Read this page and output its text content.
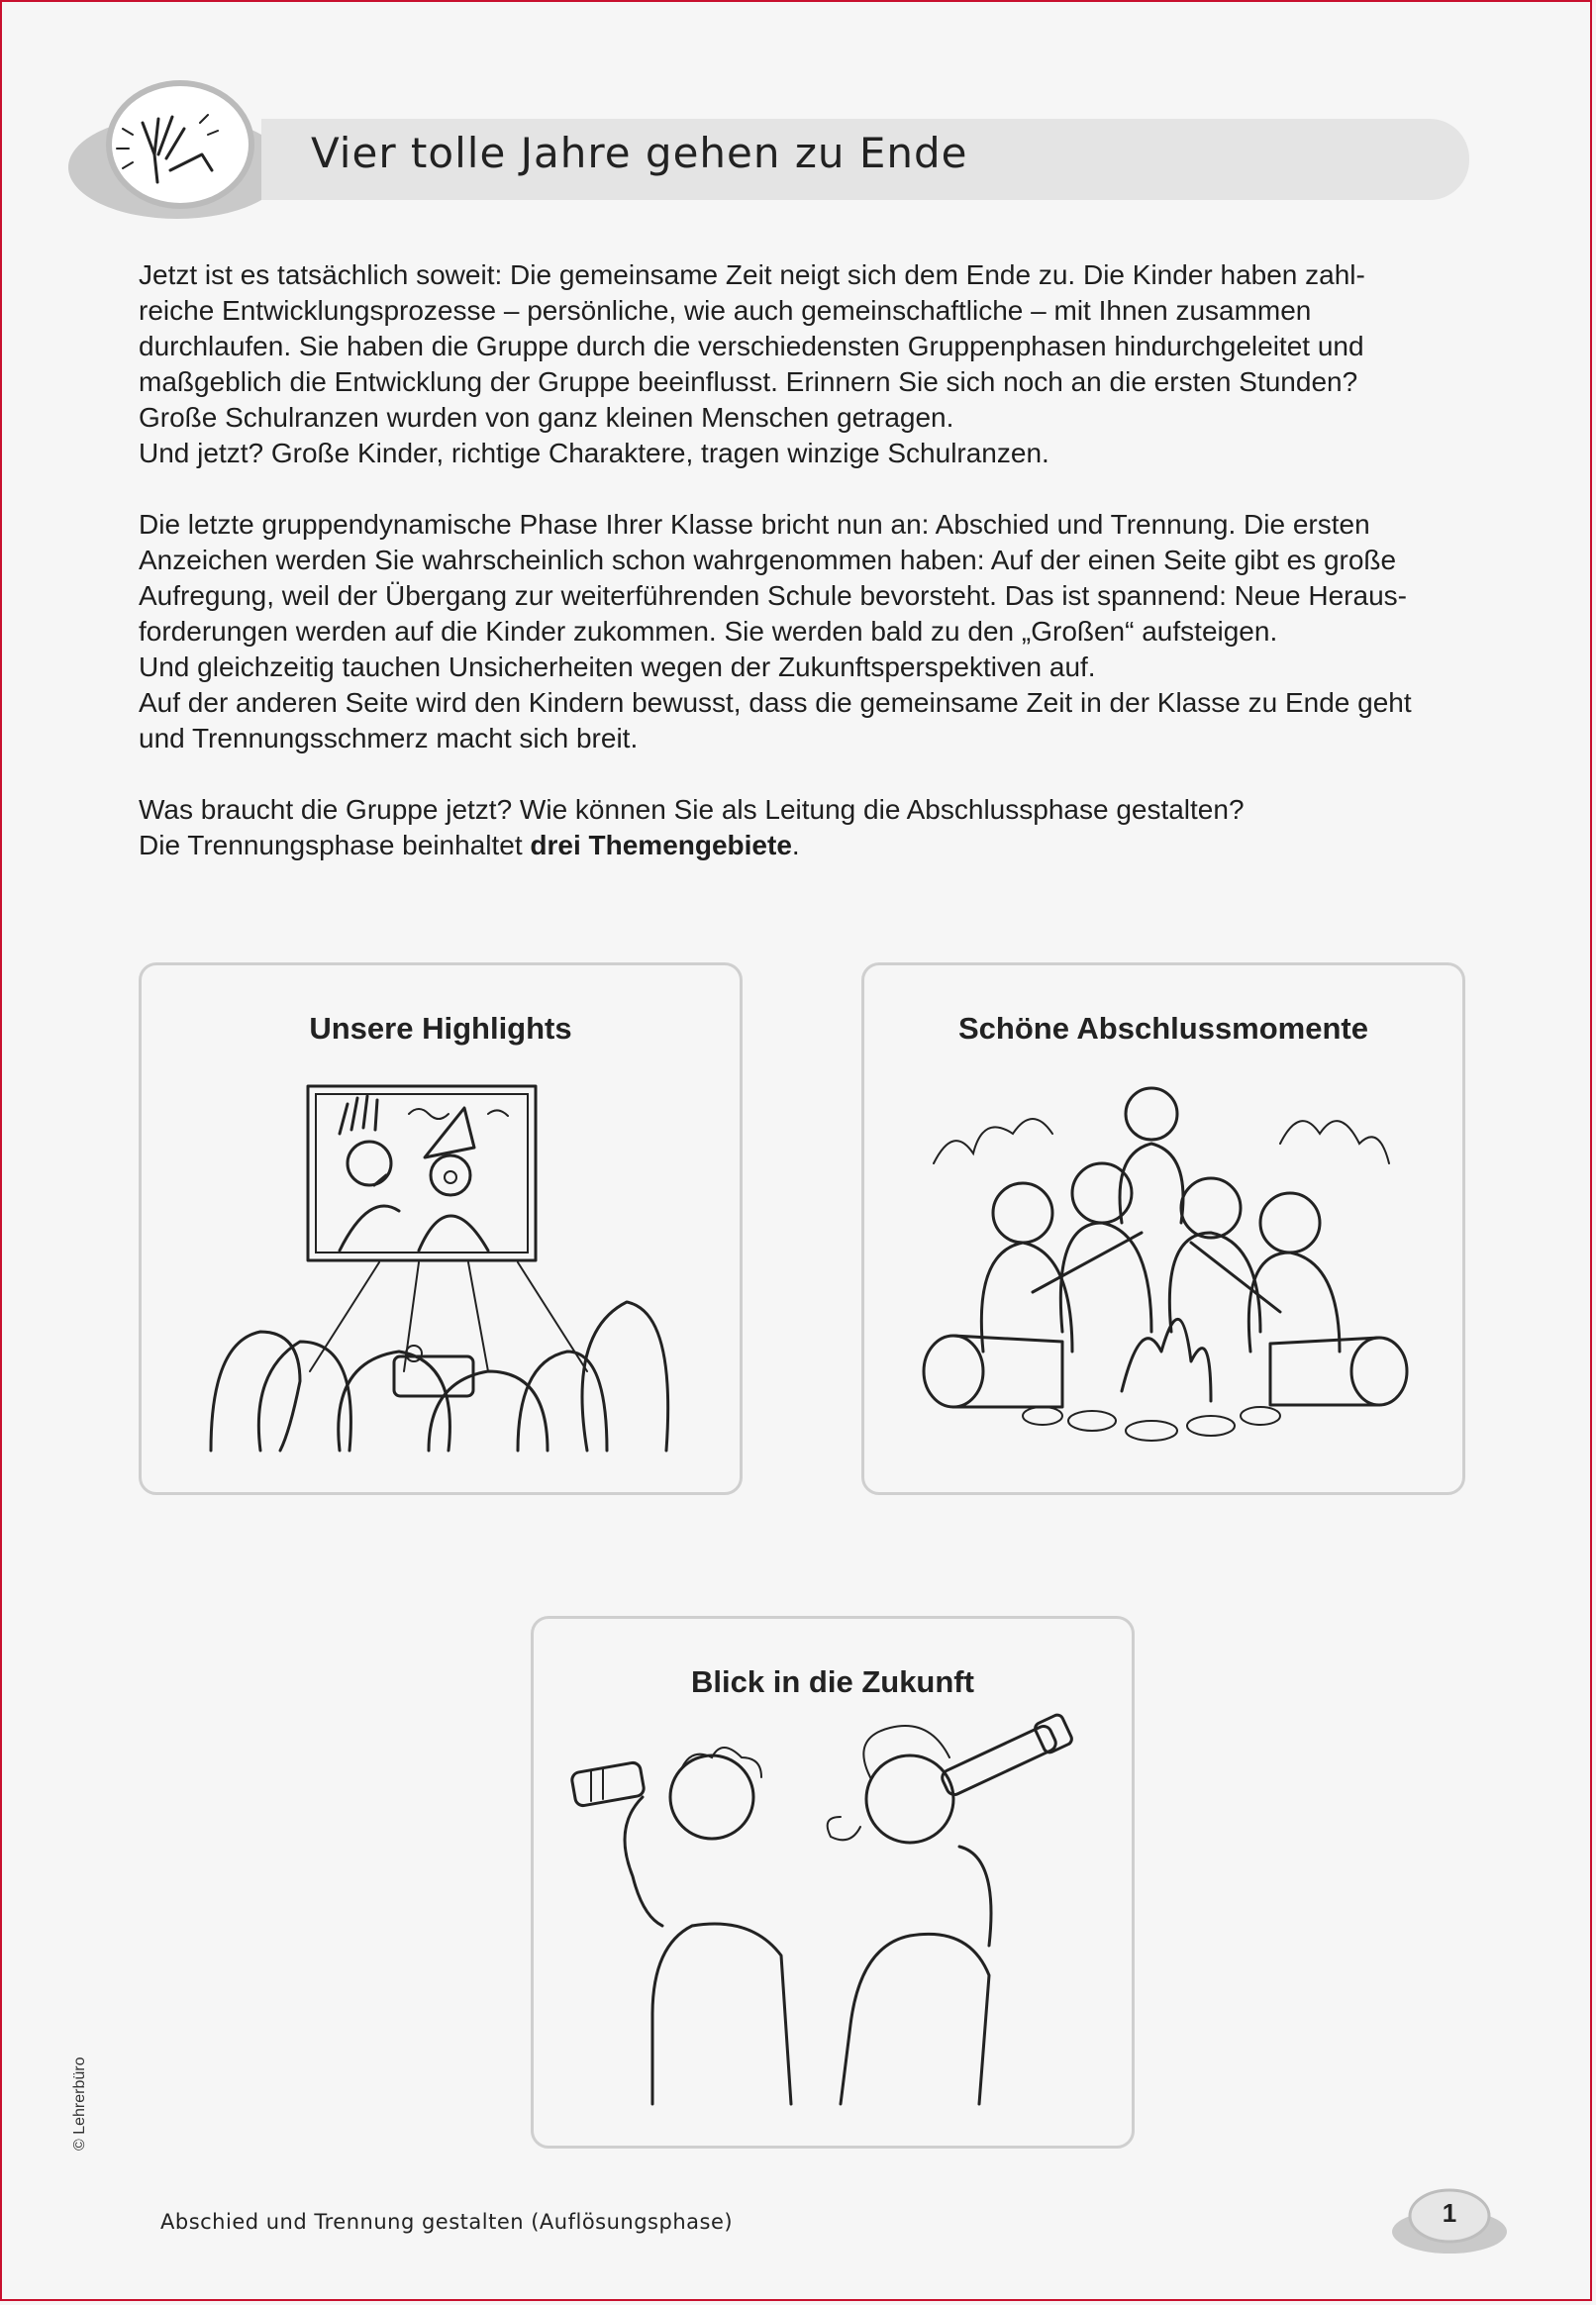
Vier tolle Jahre gehen zu Ende

Jetzt ist es tatsächlich soweit: Die gemeinsame Zeit neigt sich dem Ende zu. Die Kinder haben zahl-
reiche Entwicklungsprozesse – persönliche, wie auch gemeinschaftliche – mit Ihnen zusammen
durchlaufen. Sie haben die Gruppe durch die verschiedensten Gruppenphasen hindurchgeleitet und
maßgeblich die Entwicklung der Gruppe beeinflusst. Erinnern Sie sich noch an die ersten Stunden?
Große Schulranzen wurden von ganz kleinen Menschen getragen.
Und jetzt? Große Kinder, richtige Charaktere, tragen winzige Schulranzen.

Die letzte gruppendynamische Phase Ihrer Klasse bricht nun an: Abschied und Trennung. Die ersten
Anzeichen werden Sie wahrscheinlich schon wahrgenommen haben: Auf der einen Seite gibt es große
Aufregung, weil der Übergang zur weiterführenden Schule bevorsteht. Das ist spannend: Neue Heraus-
forderungen werden auf die Kinder zukommen. Sie werden bald zu den „Großen“ aufsteigen.
Und gleichzeitig tauchen Unsicherheiten wegen der Zukunftsperspektiven auf.
Auf der anderen Seite wird den Kindern bewusst, dass die gemeinsame Zeit in der Klasse zu Ende geht
und Trennungsschmerz macht sich breit.

Was braucht die Gruppe jetzt? Wie können Sie als Leitung die Abschlussphase gestalten?
Die Trennungsphase beinhaltet drei Themengebiete.

Unsere Highlights	Schöne Abschlussmomente
Blick in die Zukunft
© Lehrerbüro
Abschied und Trennung gestalten (Auflösungsphase)	1
